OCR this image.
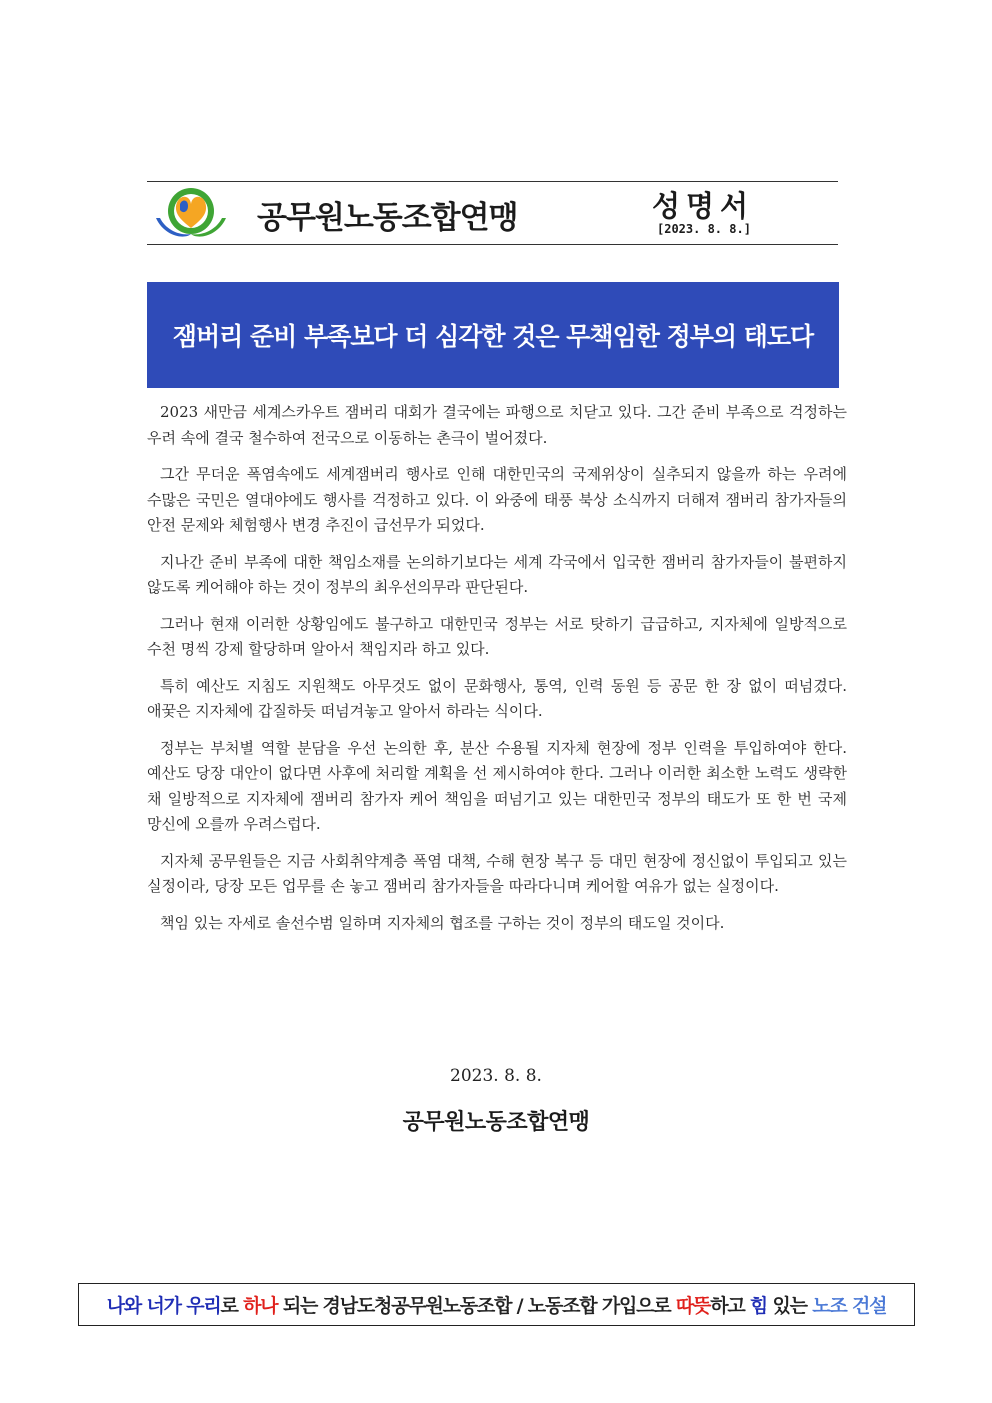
공무원노동조합연맹	성명서
[2023. 8. 8.]
잼버리 준비 부족보다 더 심각한 것은 무책임한 정부의 태도다

2023 새만금 세계스카우트 잼버리 대회가 결국에는 파행으로 치닫고 있다. 그간 준비 부족으로 걱정하는 우려 속에 결국 철수하여 전국으로 이동하는 촌극이 벌어졌다.

그간 무더운 폭염속에도 세계잼버리 행사로 인해 대한민국의 국제위상이 실추되지 않을까 하는 우려에 수많은 국민은 열대야에도 행사를 걱정하고 있다. 이 와중에 태풍 북상 소식까지 더해져 잼버리 참가자들의 안전 문제와 체험행사 변경 추진이 급선무가 되었다.

지나간 준비 부족에 대한 책임소재를 논의하기보다는 세계 각국에서 입국한 잼버리 참가자들이 불편하지 않도록 케어해야 하는 것이 정부의 최우선의무라 판단된다.

그러나 현재 이러한 상황임에도 불구하고 대한민국 정부는 서로 탓하기 급급하고, 지자체에 일방적으로 수천 명씩 강제 할당하며 알아서 책임지라 하고 있다.

특히 예산도 지침도 지원책도 아무것도 없이 문화행사, 통역, 인력 동원 등 공문 한 장 없이 떠넘겼다. 애꿎은 지자체에 갑질하듯 떠넘겨놓고 알아서 하라는 식이다.

정부는 부처별 역할 분담을 우선 논의한 후, 분산 수용될 지자체 현장에 정부 인력을 투입하여야 한다. 예산도 당장 대안이 없다면 사후에 처리할 계획을 선 제시하여야 한다. 그러나 이러한 최소한 노력도 생략한 채 일방적으로 지자체에 잼버리 참가자 케어 책임을 떠넘기고 있는 대한민국 정부의 태도가 또 한 번 국제 망신에 오를까 우려스럽다.

지자체 공무원들은 지금 사회취약계층 폭염 대책, 수해 현장 복구 등 대민 현장에 정신없이 투입되고 있는 실정이라, 당장 모든 업무를 손 놓고 잼버리 참가자들을 따라다니며 케어할 여유가 없는 실정이다.

책임 있는 자세로 솔선수범 일하며 지자체의 협조를 구하는 것이 정부의 태도일 것이다.

2023. 8. 8.
공무원노동조합연맹
나와 너가 우리 로 하나 되는 경남도청공무원노동조합 / 노동조합 가입으로 따뜻 하고 힘 있는 노조 건설
